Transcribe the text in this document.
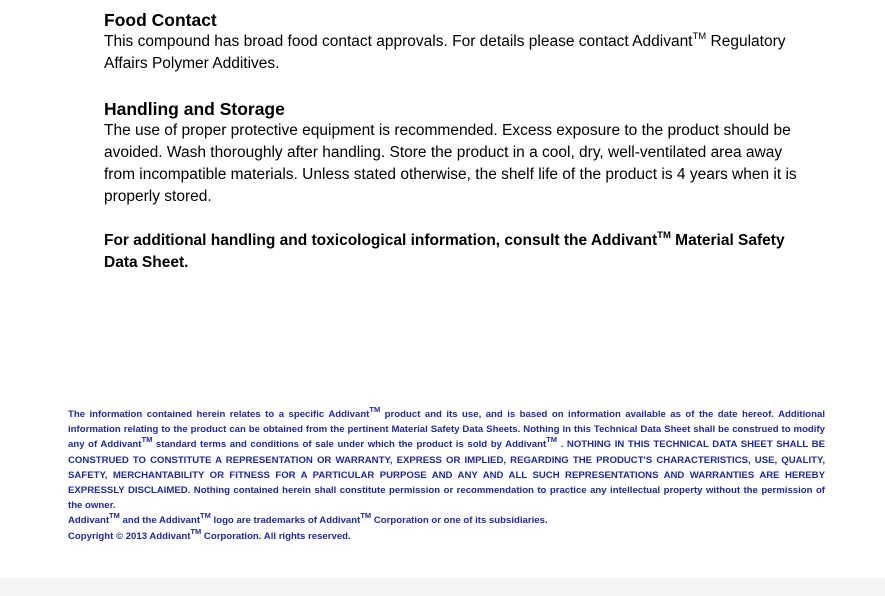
Food Contact

This compound has broad food contact approvals. For details please contact Addivant™ Regulatory Affairs Polymer Additives.

Handling and Storage

The use of proper protective equipment is recommended. Excess exposure to the product should be avoided. Wash thoroughly after handling. Store the product in a cool, dry, well-ventilated area away from incompatible materials. Unless stated otherwise, the shelf life of the product is 4 years when it is properly stored.

For additional handling and toxicological information, consult the Addivant™ Material Safety Data Sheet.

The information contained herein relates to a specific Addivant™ product and its use, and is based on information available as of the date hereof. Additional information relating to the product can be obtained from the pertinent Material Safety Data Sheets. Nothing in this Technical Data Sheet shall be construed to modify any of Addivant™ standard terms and conditions of sale under which the product is sold by Addivant™ . NOTHING IN THIS TECHNICAL DATA SHEET SHALL BE CONSTRUED TO CONSTITUTE A REPRESENTATION OR WARRANTY, EXPRESS OR IMPLIED, REGARDING THE PRODUCT'S CHARACTERISTICS, USE, QUALITY, SAFETY, MERCHANTABILITY OR FITNESS FOR A PARTICULAR PURPOSE AND ANY AND ALL SUCH REPRESENTATIONS AND WARRANTIES ARE HEREBY EXPRESSLY DISCLAIMED. Nothing contained herein shall constitute permission or recommendation to practice any intellectual property without the permission of the owner.

Addivant™ and the Addivant™ logo are trademarks of Addivant™ Corporation or one of its subsidiaries.

Copyright © 2013 Addivant™ Corporation. All rights reserved.
